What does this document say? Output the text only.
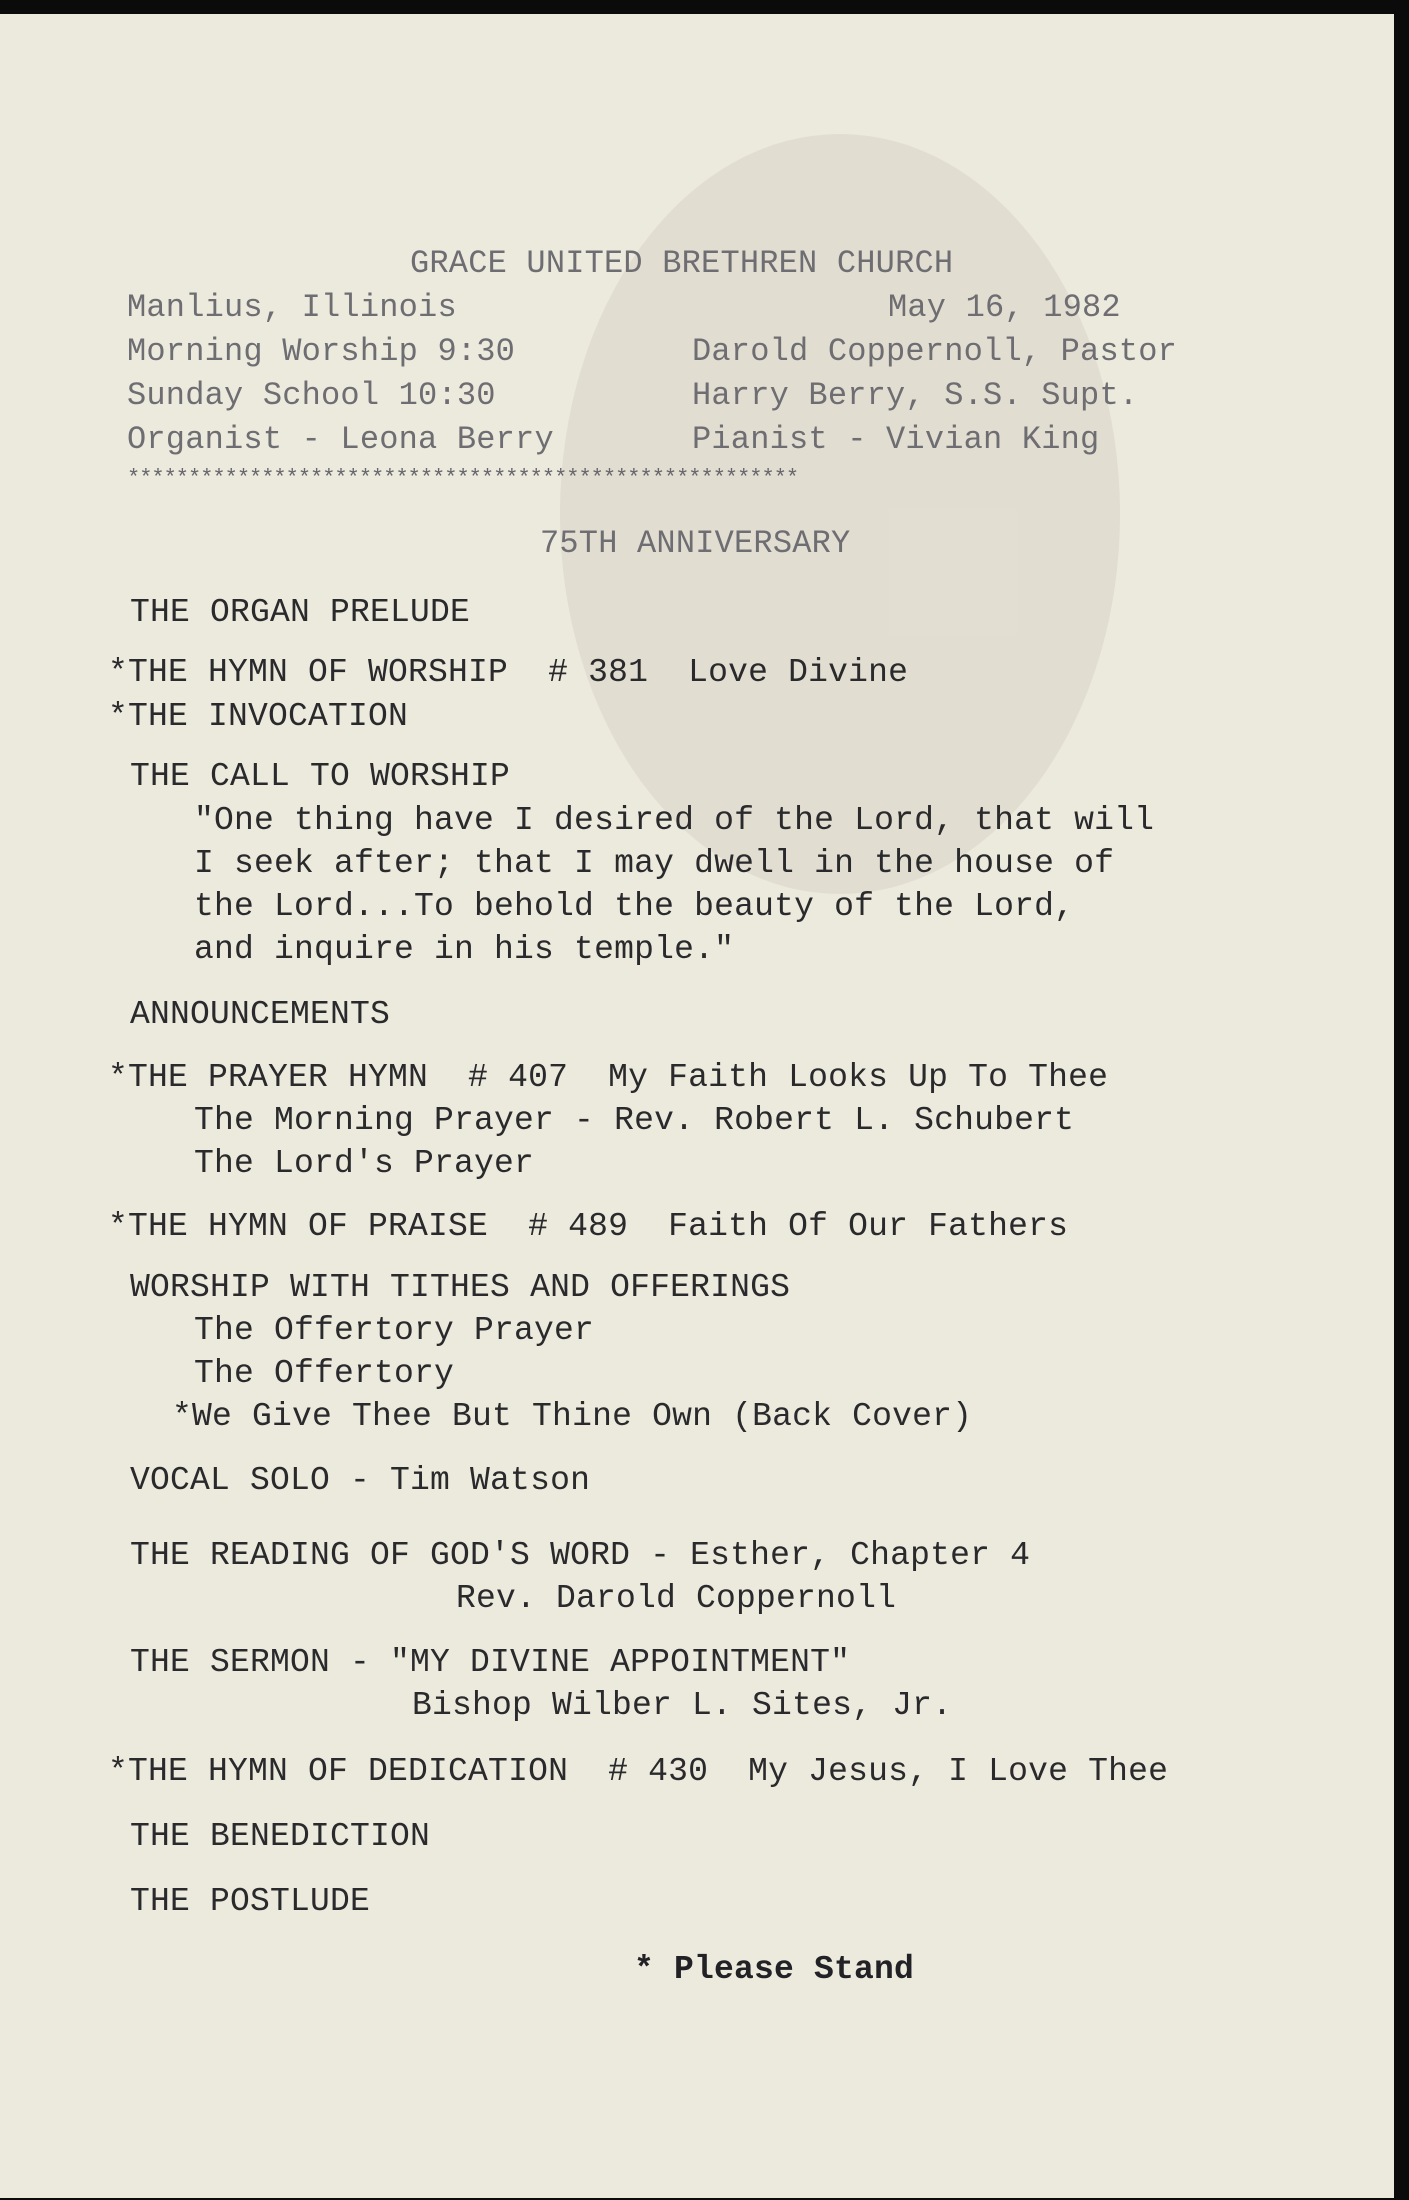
GRACE UNITED BRETHREN CHURCH
Manlius, Illinois	May 16, 1982
Morning Worship 9:30	Darold Coppernoll, Pastor
Sunday School 10:30	Harry Berry, S.S. Supt.
Organist - Leona Berry	Pianist - Vivian King
*******************************************************
75TH ANNIVERSARY
THE ORGAN PRELUDE
*THE HYMN OF WORSHIP  # 381  Love Divine
*THE INVOCATION
THE CALL TO WORSHIP
"One thing have I desired of the Lord, that will
I seek after; that I may dwell in the house of
the Lord...To behold the beauty of the Lord,
and inquire in his temple."
ANNOUNCEMENTS
*THE PRAYER HYMN  # 407  My Faith Looks Up To Thee
The Morning Prayer - Rev. Robert L. Schubert
The Lord's Prayer
*THE HYMN OF PRAISE  # 489  Faith Of Our Fathers
WORSHIP WITH TITHES AND OFFERINGS
The Offertory Prayer
The Offertory
*We Give Thee But Thine Own (Back Cover)
VOCAL SOLO - Tim Watson
THE READING OF GOD'S WORD - Esther, Chapter 4
Rev. Darold Coppernoll
THE SERMON - "MY DIVINE APPOINTMENT"
Bishop Wilber L. Sites, Jr.
*THE HYMN OF DEDICATION  # 430  My Jesus, I Love Thee
THE BENEDICTION
THE POSTLUDE
* Please Stand
